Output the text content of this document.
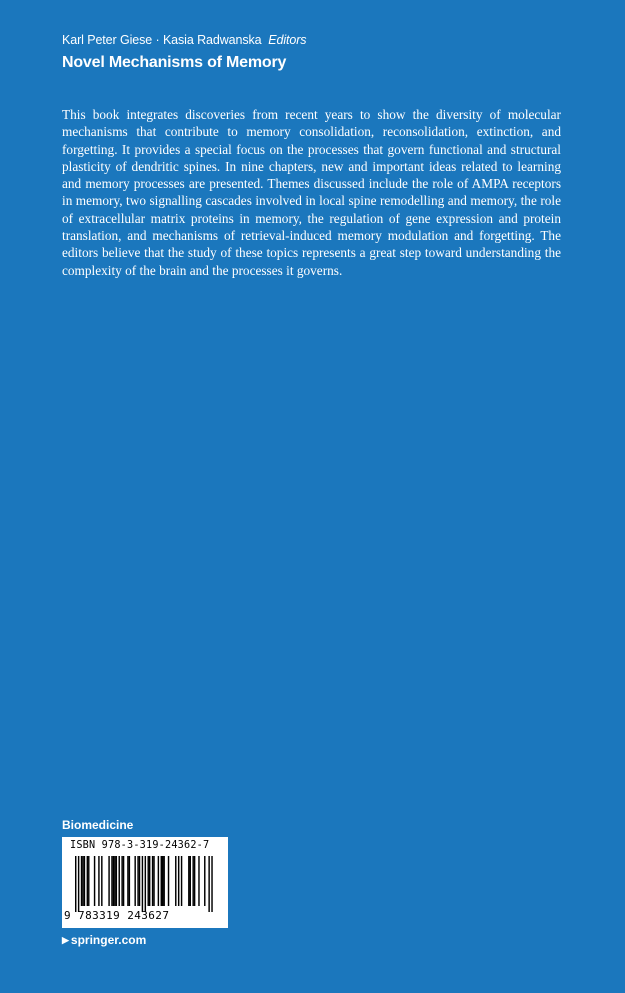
Karl Peter Giese · Kasia Radwanska Editors
Novel Mechanisms of Memory

This book integrates discoveries from recent years to show the diversity of molecular mechanisms that contribute to memory consolidation, reconsolidation, extinction, and forgetting. It provides a special focus on the processes that govern functional and structural plasticity of dendritic spines. In nine chapters, new and important ideas related to learning and memory processes are presented. Themes discussed include the role of AMPA receptors in memory, two signalling cascades involved in local spine remodelling and memory, the role of extracellular matrix proteins in memory, the regulation of gene expression and protein translation, and mechanisms of retrieval-induced memory modulation and forgetting. The editors believe that the study of these topics represents a great step toward understanding the complexity of the brain and the processes it governs.

Biomedicine
ISBN 978-3-319-24362-7
9 783319 243627
▶ springer.com
